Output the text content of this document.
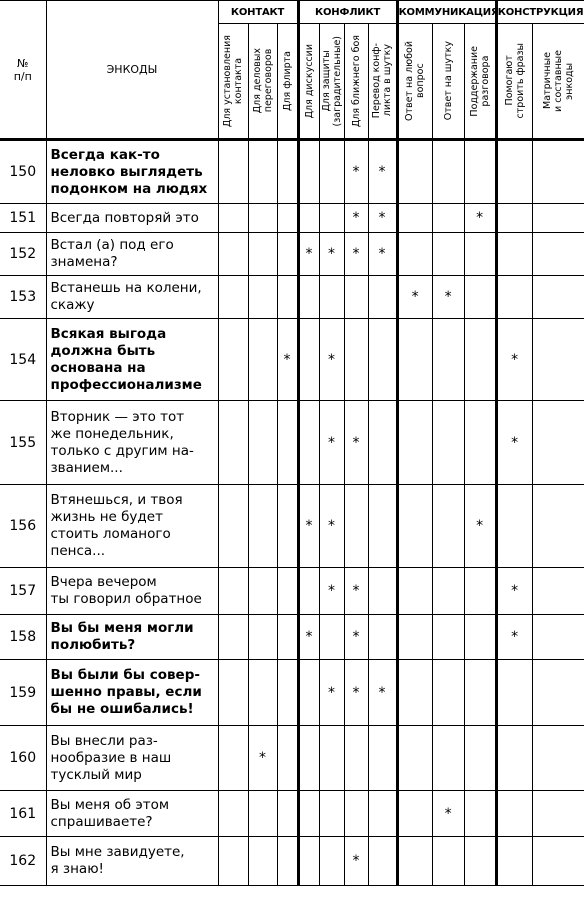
№
п/п	ЭНКОДЫ	КОНТАКТ			КОНФЛИКТ				КОММУНИКАЦИЯ			КОНСТРУКЦИЯ	

		Для установления
контакта	Для деловых
переговоров	Для флирта	Для дискуссии	Для защиты
(заградительные)	Для ближнего боя	Перевод конф-
ликта в шутку	Ответ на любой
вопрос	Ответ на шутку	Поддержание
разговора	Помогают
строить фразы	Матричные
и составные
энкоды

150	Всегда как-то
неловко выглядеть
подонком на людях						*	*					
151	Всегда повторяй это						*	*			*		
152	Встал (а) под его
знамена?				*	*	*	*					
153	Встанешь на колени,
скажу								*	*			
154	Всякая выгода
должна быть
основана на
профессионализме			*		*						*	
155	Вторник — это тот
же понедельник,
только с другим на-
званием...					*	*					*	
156	Втянешься, и твоя
жизнь не будет
стоить ломаного
пенса...				*	*					*		
157	Вчера вечером
ты говорил обратное					*	*					*	
158	Вы бы меня могли
полюбить?				*		*					*	
159	Вы были бы совер-
шенно правы, если
бы не ошибались!					*	*	*					
160	Вы внесли раз-
нообразие в наш
тусклый мир		*										
161	Вы меня об этом
спрашиваете?									*			
162	Вы мне завидуете,
я знаю!						*						
